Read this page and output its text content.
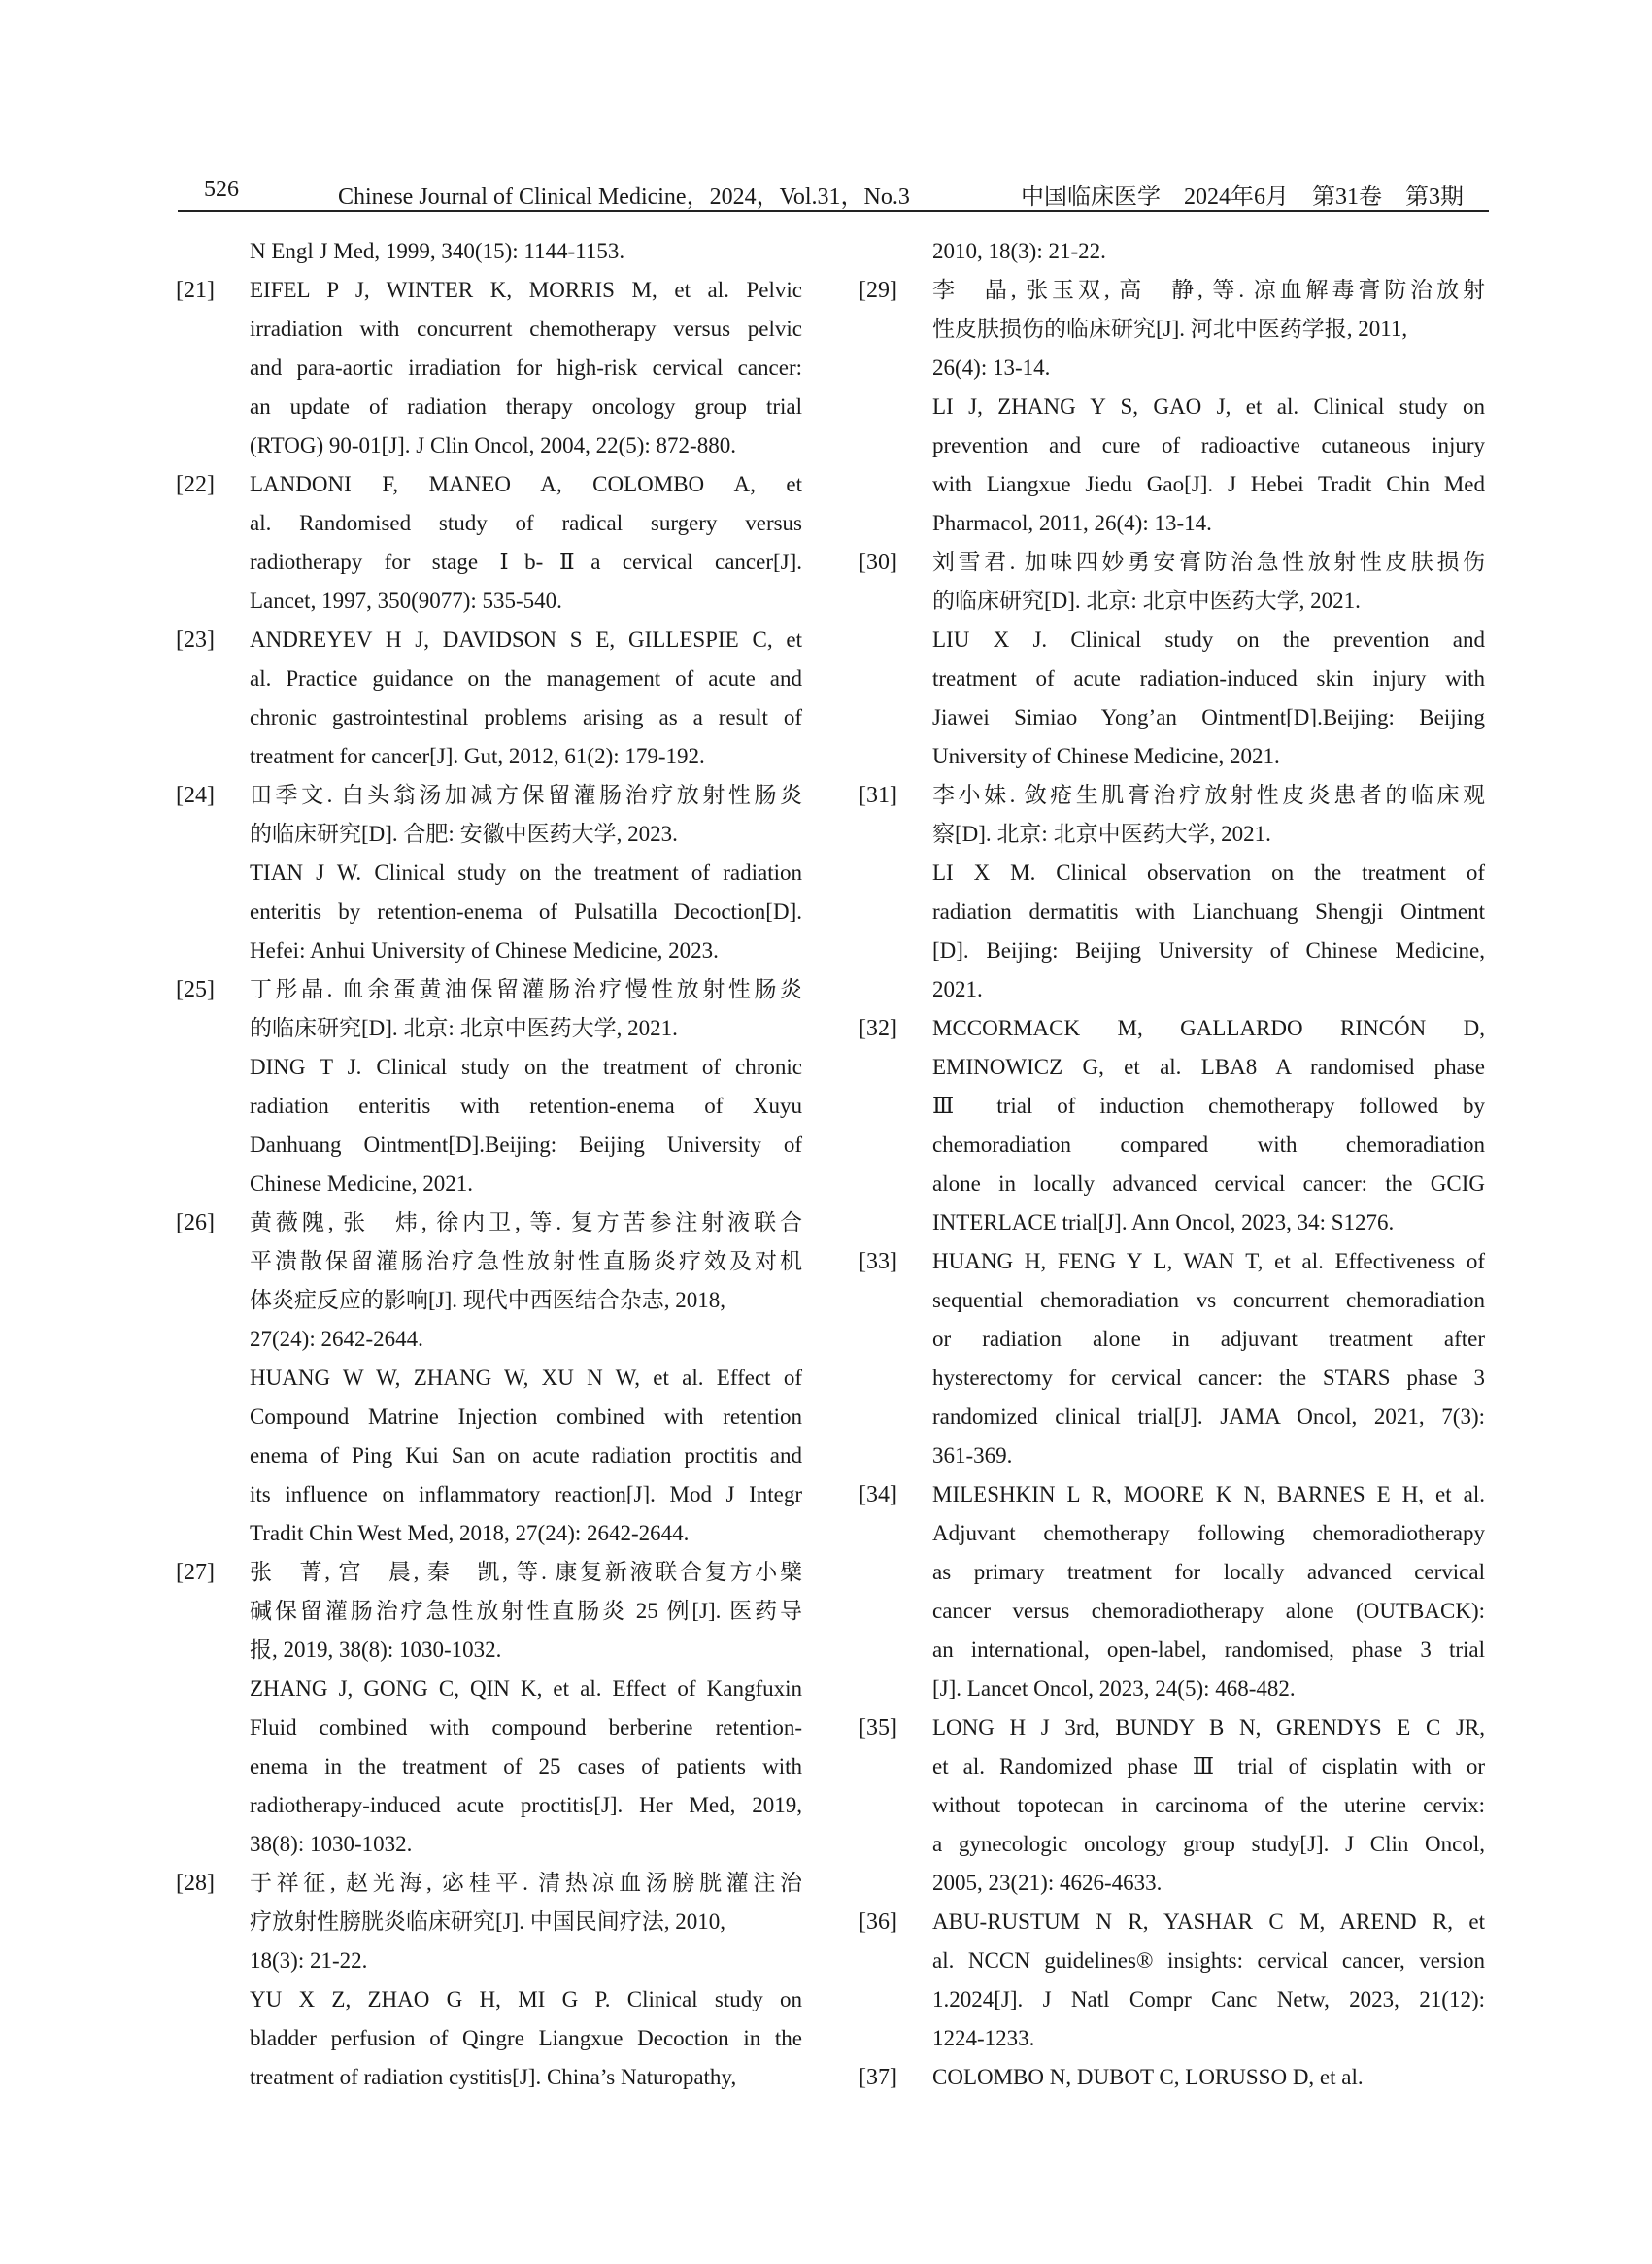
526	Chinese Journal of Clinical Medicine，2024，Vol.31，No.3	中国临床医学　2024年6月　第31卷　第3期
N Engl J Med, 1999, 340(15): 1144-1153.
[21] EIFEL P J, WINTER K, MORRIS M, et al. Pelvic
irradiation with concurrent chemotherapy versus pelvic
and para-aortic irradiation for high-risk cervical cancer:
an update of radiation therapy oncology group trial
(RTOG) 90-01[J]. J Clin Oncol, 2004, 22(5): 872-880.
[22] LANDONI F, MANEO A, COLOMBO A, et
al. Randomised study of radical surgery versus
radiotherapy for stage Ⅰb-Ⅱa cervical cancer[J].
Lancet, 1997, 350(9077): 535-540.
[23] ANDREYEV H J, DAVIDSON S E, GILLESPIE C, et
al. Practice guidance on the management of acute and
chronic gastrointestinal problems arising as a result of
treatment for cancer[J]. Gut, 2012, 61(2): 179-192.
[24] 田季文. 白头翁汤加减方保留灌肠治疗放射性肠炎
的临床研究[D]. 合肥: 安徽中医药大学, 2023.
TIAN J W. Clinical study on the treatment of radiation
enteritis by retention-enema of Pulsatilla Decoction[D].
Hefei: Anhui University of Chinese Medicine, 2023.
[25] 丁彤晶. 血余蛋黄油保留灌肠治疗慢性放射性肠炎
的临床研究[D]. 北京: 北京中医药大学, 2021.
DING T J. Clinical study on the treatment of chronic
radiation enteritis with retention-enema of Xuyu
Danhuang Ointment[D].Beijing: Beijing University of
Chinese Medicine, 2021.
[26] 黄薇隗, 张　炜, 徐内卫, 等. 复方苦参注射液联合
平溃散保留灌肠治疗急性放射性直肠炎疗效及对机
体炎症反应的影响[J]. 现代中西医结合杂志, 2018,
27(24): 2642-2644.
HUANG W W, ZHANG W, XU N W, et al. Effect of
Compound Matrine Injection combined with retention
enema of Ping Kui San on acute radiation proctitis and
its influence on inflammatory reaction[J]. Mod J Integr
Tradit Chin West Med, 2018, 27(24): 2642-2644.
[27] 张　菁, 宫　晨, 秦　凯, 等. 康复新液联合复方小檗
碱保留灌肠治疗急性放射性直肠炎 25 例[J]. 医药导
报, 2019, 38(8): 1030-1032.
ZHANG J, GONG C, QIN K, et al. Effect of Kangfuxin
Fluid combined with compound berberine retention-
enema in the treatment of 25 cases of patients with
radiotherapy-induced acute proctitis[J]. Her Med, 2019,
38(8): 1030-1032.
[28] 于祥征, 赵光海, 宓桂平. 清热凉血汤膀胱灌注治
疗放射性膀胱炎临床研究[J]. 中国民间疗法, 2010,
18(3): 21-22.
YU X Z, ZHAO G H, MI G P. Clinical study on
bladder perfusion of Qingre Liangxue Decoction in the
treatment of radiation cystitis[J]. China’s Naturopathy,
2010, 18(3): 21-22.
[29] 李　晶, 张玉双, 高　静, 等. 凉血解毒膏防治放射
性皮肤损伤的临床研究[J]. 河北中医药学报, 2011,
26(4): 13-14.
LI J, ZHANG Y S, GAO J, et al. Clinical study on
prevention and cure of radioactive cutaneous injury
with Liangxue Jiedu Gao[J]. J Hebei Tradit Chin Med
Pharmacol, 2011, 26(4): 13-14.
[30] 刘雪君. 加味四妙勇安膏防治急性放射性皮肤损伤
的临床研究[D]. 北京: 北京中医药大学, 2021.
LIU X J. Clinical study on the prevention and
treatment of acute radiation-induced skin injury with
Jiawei Simiao Yong’an Ointment[D].Beijing: Beijing
University of Chinese Medicine, 2021.
[31] 李小妹. 敛疮生肌膏治疗放射性皮炎患者的临床观
察[D]. 北京: 北京中医药大学, 2021.
LI X M. Clinical observation on the treatment of
radiation dermatitis with Lianchuang Shengji Ointment
[D]. Beijing: Beijing University of Chinese Medicine,
2021.
[32] MCCORMACK M, GALLARDO RINCÓN D,
EMINOWICZ G, et al. LBA8 A randomised phase
Ⅲ trial of induction chemotherapy followed by
chemoradiation compared with chemoradiation
alone in locally advanced cervical cancer: the GCIG
INTERLACE trial[J]. Ann Oncol, 2023, 34: S1276.
[33] HUANG H, FENG Y L, WAN T, et al. Effectiveness of
sequential chemoradiation vs concurrent chemoradiation
or radiation alone in adjuvant treatment after
hysterectomy for cervical cancer: the STARS phase 3
randomized clinical trial[J]. JAMA Oncol, 2021, 7(3):
361-369.
[34] MILESHKIN L R, MOORE K N, BARNES E H, et al.
Adjuvant chemotherapy following chemoradiotherapy
as primary treatment for locally advanced cervical
cancer versus chemoradiotherapy alone (OUTBACK):
an international, open-label, randomised, phase 3 trial
[J]. Lancet Oncol, 2023, 24(5): 468-482.
[35] LONG H J 3rd, BUNDY B N, GRENDYS E C JR,
et al. Randomized phase Ⅲ trial of cisplatin with or
without topotecan in carcinoma of the uterine cervix:
a gynecologic oncology group study[J]. J Clin Oncol,
2005, 23(21): 4626-4633.
[36] ABU-RUSTUM N R, YASHAR C M, AREND R, et
al. NCCN guidelines® insights: cervical cancer, version
1.2024[J]. J Natl Compr Canc Netw, 2023, 21(12):
1224-1233.
[37] COLOMBO N, DUBOT C, LORUSSO D, et al.
